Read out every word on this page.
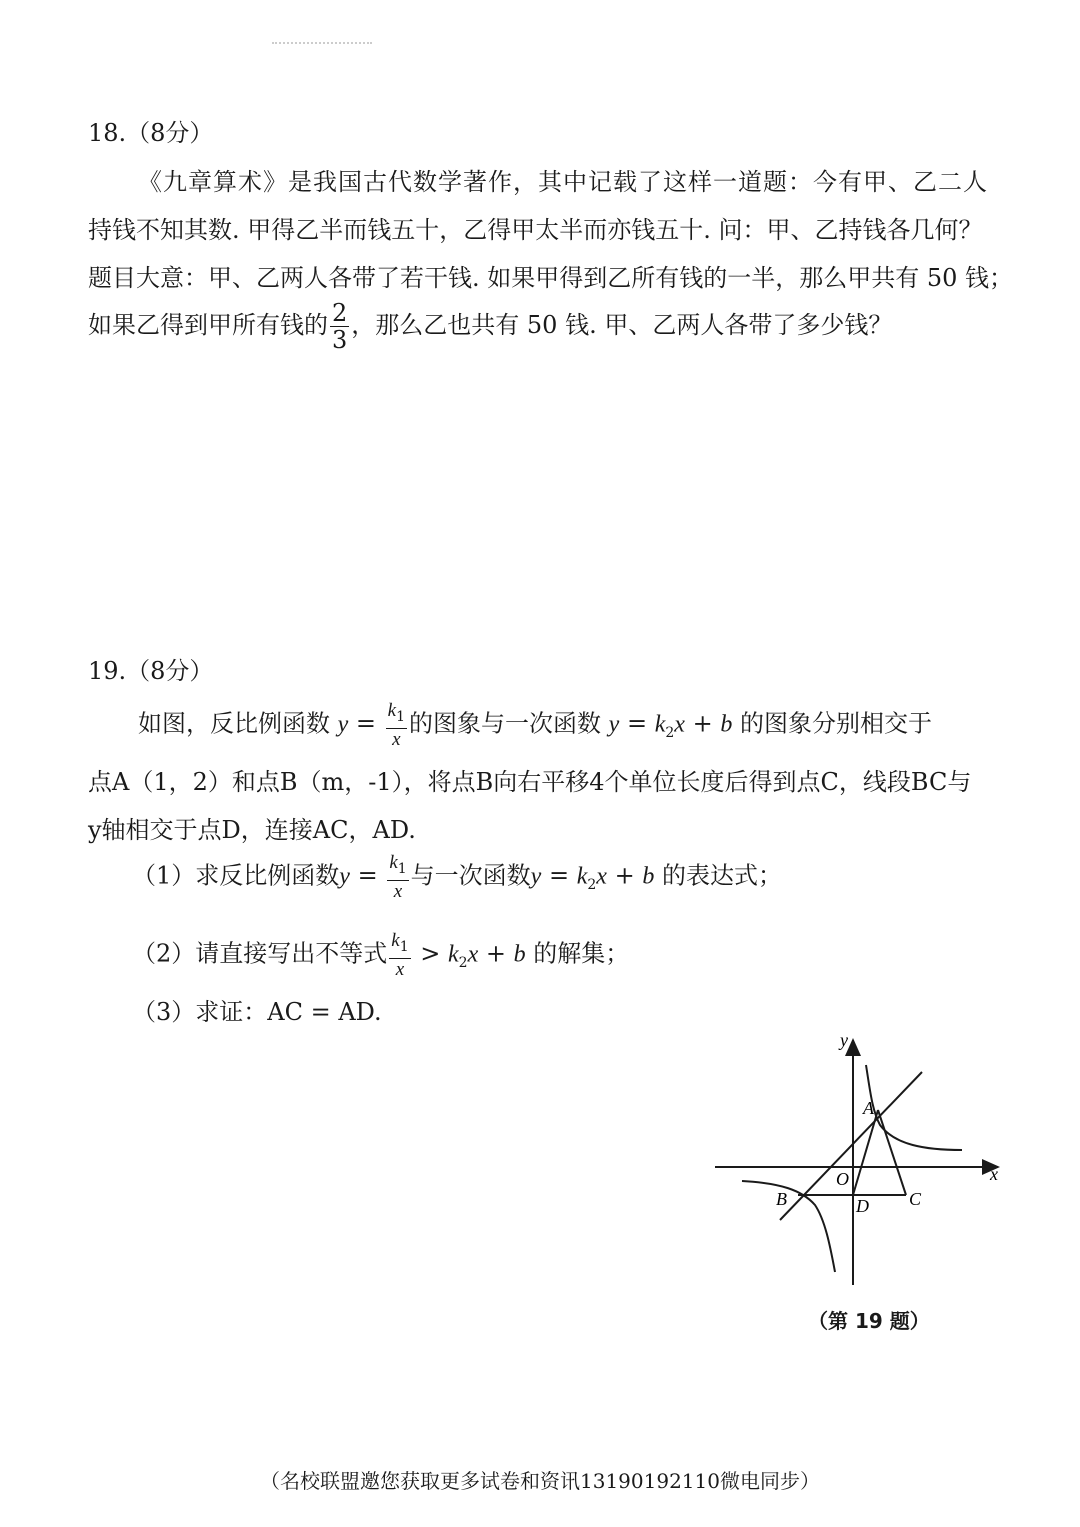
18.（8分）
《九章算术》是我国古代数学著作，其中记载了这样一道题：今有甲、乙二人
持钱不知其数. 甲得乙半而钱五十，乙得甲太半而亦钱五十. 问：甲、乙持钱各几何？
题目大意：甲、乙两人各带了若干钱. 如果甲得到乙所有钱的一半，那么甲共有 50 钱；
如果乙得到甲所有钱的 $\frac{2}{3}$ ，那么乙也共有 50 钱. 甲、乙两人各带了多少钱？
19.（8分）
如图，反比例函数 $y = \frac{k_1}{x}$ 的图象与一次函数 $y = k_2x + b$ 的图象分别相交于
点A（1，2）和点B（m，-1），将点B向右平移4个单位长度后得到点C，线段BC与
y轴相交于点D，连接AC，AD.
（1）求反比例函数$y = \frac{k_1}{x}$ 与一次函数$y = k_2x + b$ 的表达式；
（2）请直接写出不等式 $\frac{k_1}{x} > k_2x + b$ 的解集；
（3）求证：AC = AD.
y
x
A
O
B	D C
（第 19 题）
（名校联盟邀您获取更多试卷和资讯13190192110微电同步）
